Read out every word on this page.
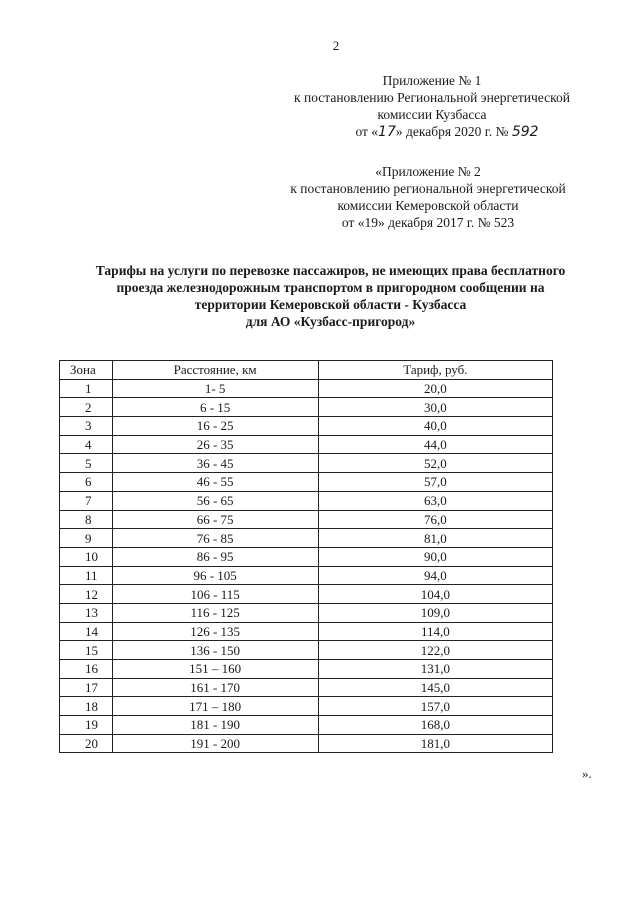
2
Приложение № 1
к постановлению Региональной энергетической
комиссии Кузбасса
от «17» декабря 2020 г. № 592
«Приложение № 2
к постановлению региональной энергетической
комиссии Кемеровской области
от «19» декабря 2017 г. № 523
Тарифы на услуги по перевозке пассажиров, не имеющих права бесплатного
проезда железнодорожным транспортом в пригородном сообщении на
территории Кемеровской области - Кузбасса
для АО «Кузбасс-пригород»
Зона	Расстояние, км	Тариф, руб.
1	1- 5	20,0
2	6 - 15	30,0
3	16 - 25	40,0
4	26 - 35	44,0
5	36 - 45	52,0
6	46 - 55	57,0
7	56 - 65	63,0
8	66 - 75	76,0
9	76 - 85	81,0
10	86 - 95	90,0
11	96 - 105	94,0
12	106 - 115	104,0
13	116 - 125	109,0
14	126 - 135	114,0
15	136 - 150	122,0
16	151 – 160	131,0
17	161 - 170	145,0
18	171 – 180	157,0
19	181 - 190	168,0
20	191 - 200	181,0
».
